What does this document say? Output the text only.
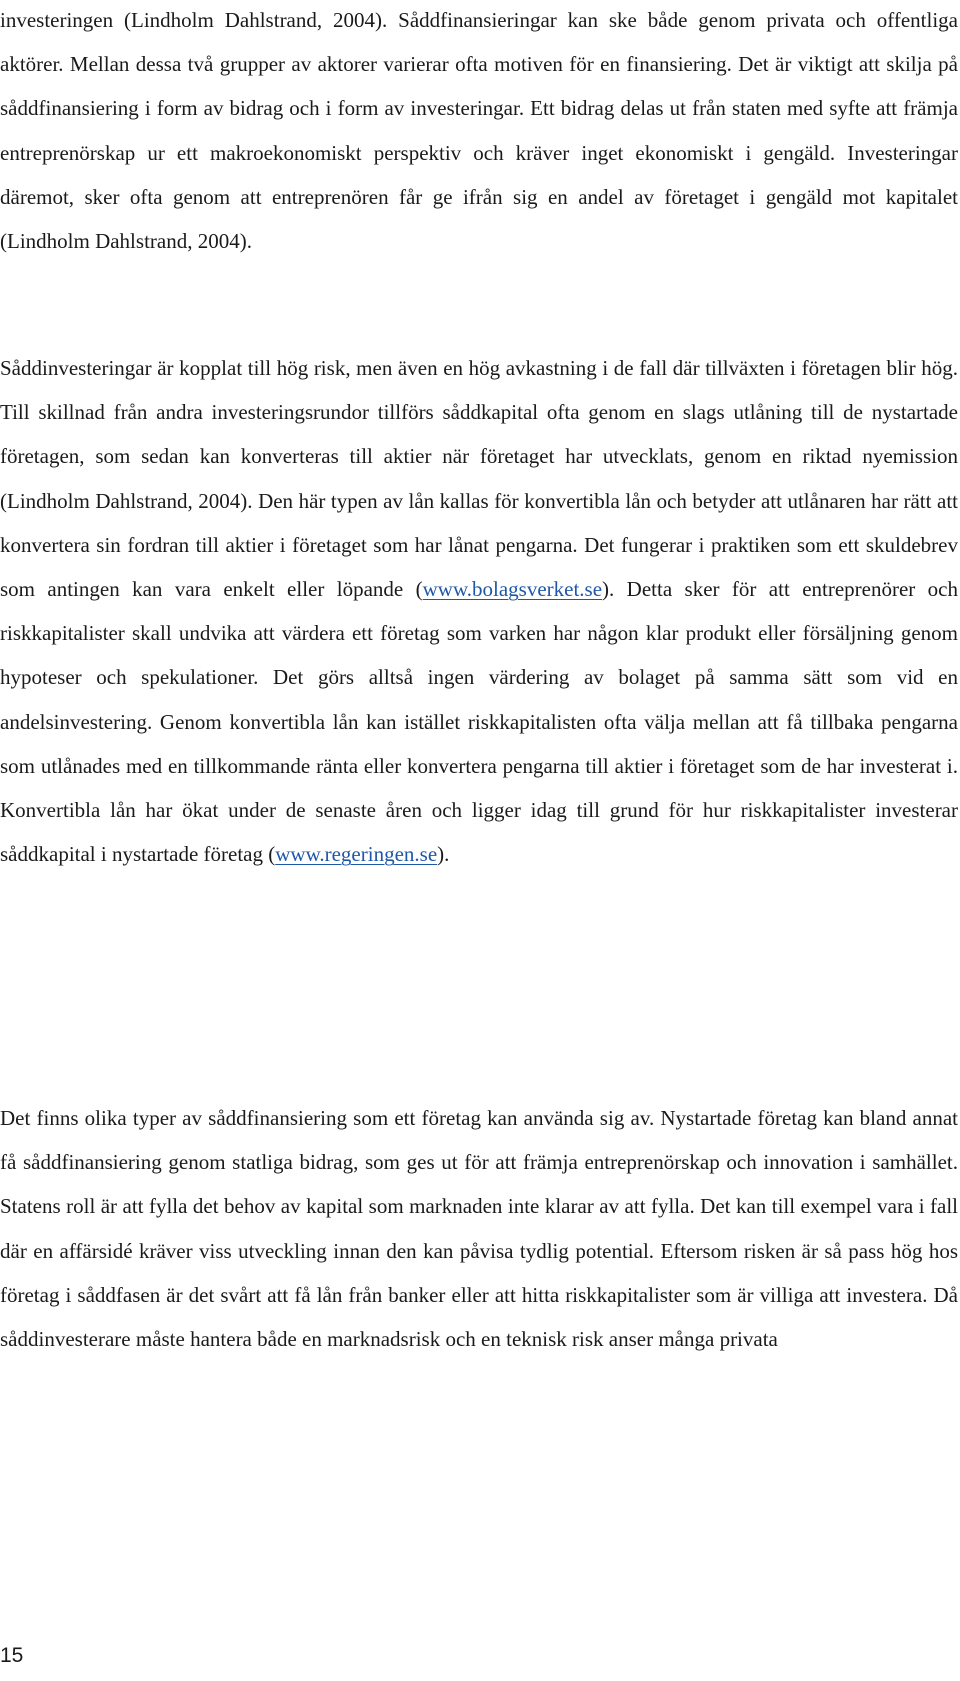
investeringen (Lindholm Dahlstrand, 2004). Såddfinansieringar kan ske både genom privata och offentliga aktörer. Mellan dessa två grupper av aktorer varierar ofta motiven för en finansiering. Det är viktigt att skilja på såddfinansiering i form av bidrag och i form av investeringar. Ett bidrag delas ut från staten med syfte att främja entreprenörskap ur ett makroekonomiskt perspektiv och kräver inget ekonomiskt i gengäld. Investeringar däremot, sker ofta genom att entreprenören får ge ifrån sig en andel av företaget i gengäld mot kapitalet (Lindholm Dahlstrand, 2004).

Såddinvesteringar är kopplat till hög risk, men även en hög avkastning i de fall där tillväxten i företagen blir hög. Till skillnad från andra investeringsrundor tillförs såddkapital ofta genom en slags utlåning till de nystartade företagen, som sedan kan konverteras till aktier när företaget har utvecklats, genom en riktad nyemission (Lindholm Dahlstrand, 2004). Den här typen av lån kallas för konvertibla lån och betyder att utlånaren har rätt att konvertera sin fordran till aktier i företaget som har lånat pengarna. Det fungerar i praktiken som ett skuldebrev som antingen kan vara enkelt eller löpande (www.bolagsverket.se). Detta sker för att entreprenörer och riskkapitalister skall undvika att värdera ett företag som varken har någon klar produkt eller försäljning genom hypoteser och spekulationer. Det görs alltså ingen värdering av bolaget på samma sätt som vid en andelsinvestering. Genom konvertibla lån kan istället riskkapitalisten ofta välja mellan att få tillbaka pengarna som utlånades med en tillkommande ränta eller konvertera pengarna till aktier i företaget som de har investerat i. Konvertibla lån har ökat under de senaste åren och ligger idag till grund för hur riskkapitalister investerar såddkapital i nystartade företag (www.regeringen.se).

Det finns olika typer av såddfinansiering som ett företag kan använda sig av. Nystartade företag kan bland annat få såddfinansiering genom statliga bidrag, som ges ut för att främja entreprenörskap och innovation i samhället. Statens roll är att fylla det behov av kapital som marknaden inte klarar av att fylla. Det kan till exempel vara i fall där en affärsidé kräver viss utveckling innan den kan påvisa tydlig potential. Eftersom risken är så pass hög hos företag i såddfasen är det svårt att få lån från banker eller att hitta riskkapitalister som är villiga att investera. Då såddinvesterare måste hantera både en marknadsrisk och en teknisk risk anser många privata

15
